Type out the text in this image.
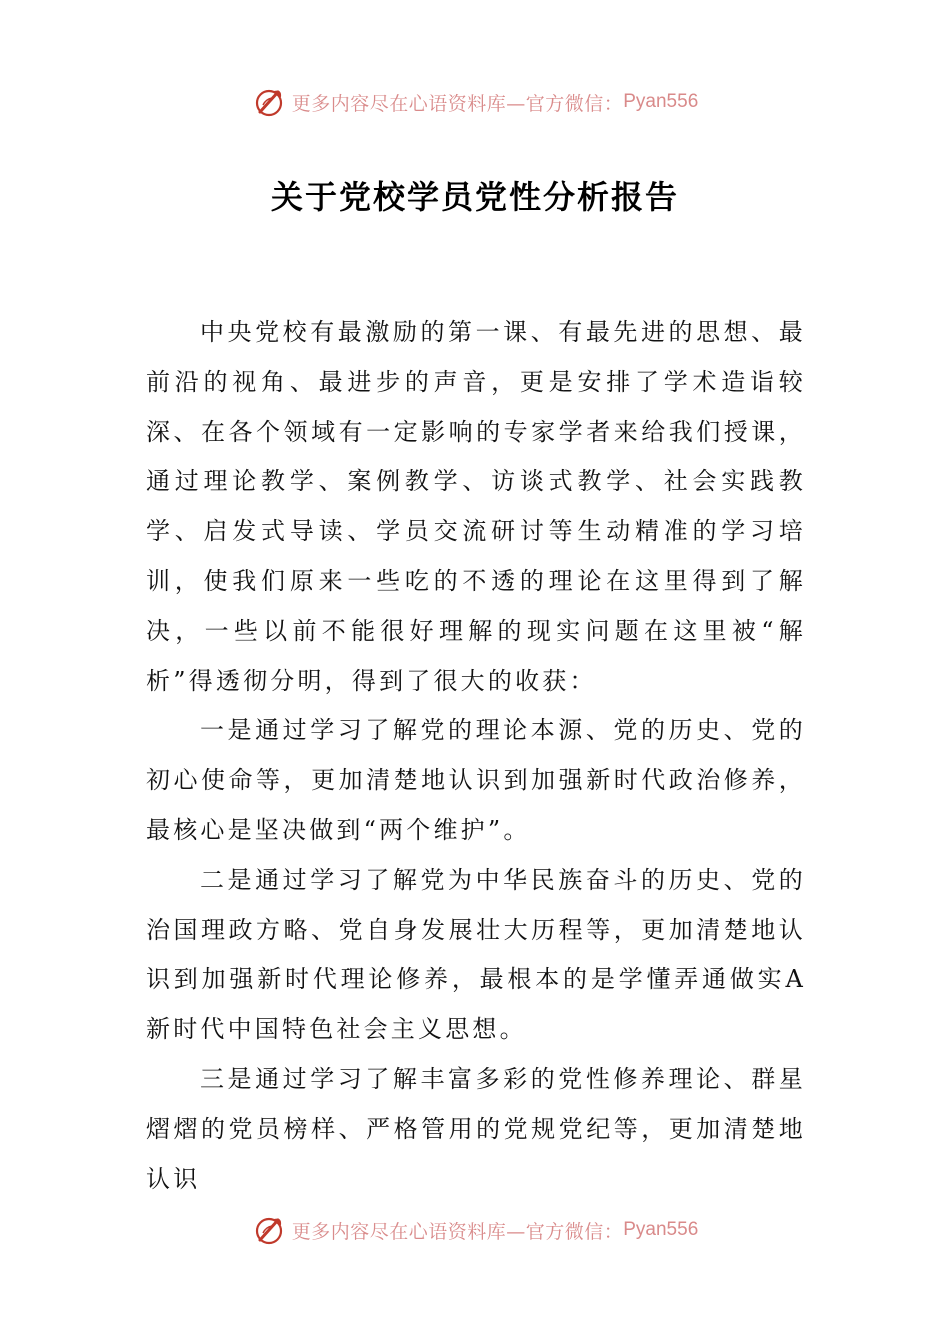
更多内容尽在心语资料库—官方微信： Pyan556
关于党校学员党性分析报告

中央党校有最激励的第一课、有最先进的思想、最前沿的视角、最进步的声音，更是安排了学术造诣较深、在各个领域有一定影响的专家学者来给我们授课，通过理论教学、案例教学、访谈式教学、社会实践教学、启发式导读、学员交流研讨等生动精准的学习培训，使我们原来一些吃的不透的理论在这里得到了解决，一些以前不能很好理解的现实问题在这里被“解析”得透彻分明，得到了很大的收获：

一是通过学习了解党的理论本源、党的历史、党的初心使命等，更加清楚地认识到加强新时代政治修养，最核心是坚决做到“两个维护”。

二是通过学习了解党为中华民族奋斗的历史、党的治国理政方略、党自身发展壮大历程等，更加清楚地认识到加强新时代理论修养，最根本的是学懂弄通做实A新时代中国特色社会主义思想。

三是通过学习了解丰富多彩的党性修养理论、群星熠熠的党员榜样、严格管用的党规党纪等，更加清楚地认识

更多内容尽在心语资料库—官方微信： Pyan556
